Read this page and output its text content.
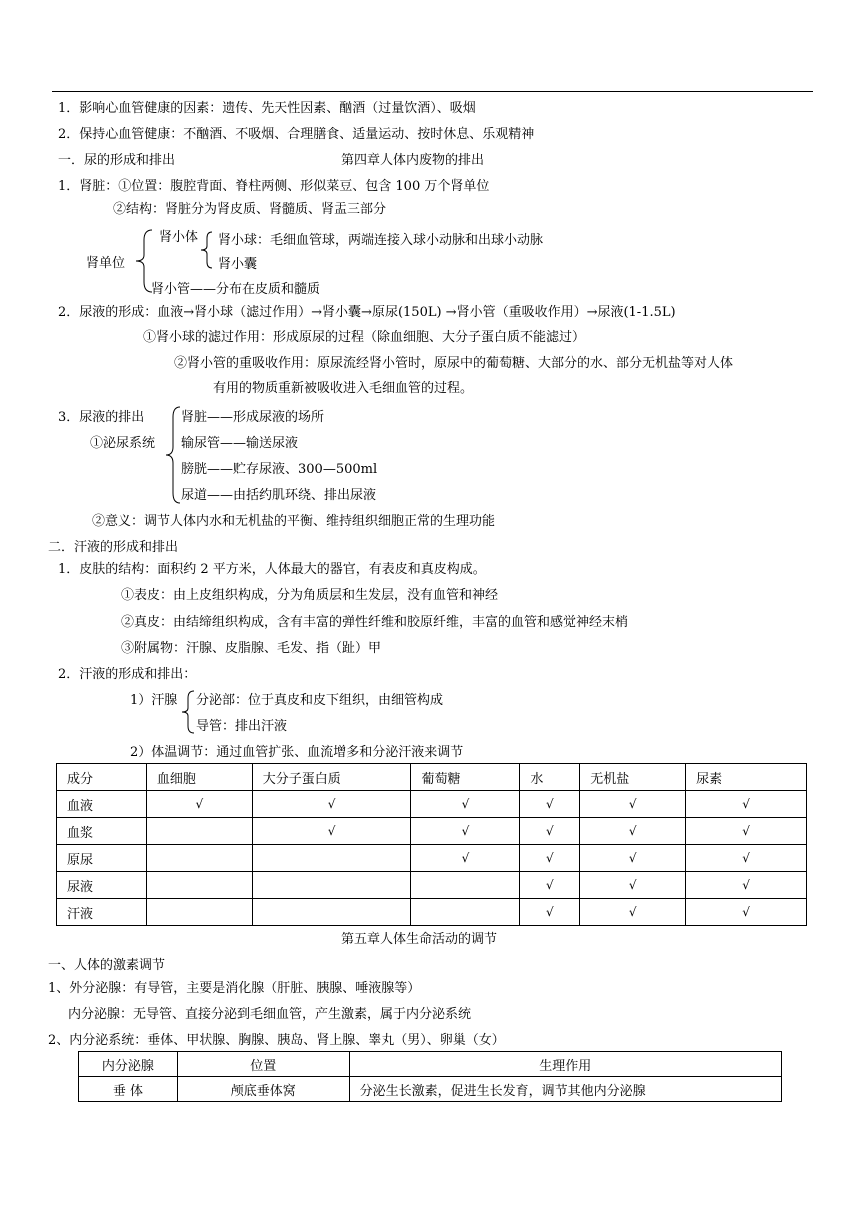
1．影响心血管健康的因素：遗传、先天性因素、酗酒（过量饮酒）、吸烟
2．保持心血管健康：不酗酒、不吸烟、合理膳食、适量运动、按时休息、乐观精神
一．尿的形成和排出	第四章人体内废物的排出
1．肾脏：①位置：腹腔背面、脊柱两侧、形似菜豆、包含 100 万个肾单位
②结构：肾脏分为肾皮质、肾髓质、肾盂三部分
肾单位
肾小体 肾小球：毛细血管球，两端连接入球小动脉和出球小动脉
肾小囊
肾小管——分布在皮质和髓质
2．尿液的形成：血液→肾小球（滤过作用）→肾小囊→原尿(150L) →肾小管（重吸收作用）→尿液(1-1.5L)
①肾小球的滤过作用：形成原尿的过程（除血细胞、大分子蛋白质不能滤过）
②肾小管的重吸收作用：原尿流经肾小管时，原尿中的葡萄糖、大部分的水、部分无机盐等对人体
有用的物质重新被吸收进入毛细血管的过程。
3．尿液的排出
①泌尿系统
肾脏——形成尿液的场所
输尿管——输送尿液
膀胱——贮存尿液、300—500ml
尿道——由括约肌环绕、排出尿液
②意义：调节人体内水和无机盐的平衡、维持组织细胞正常的生理功能
二．汗液的形成和排出
1．皮肤的结构：面积约 2 平方米，人体最大的器官，有表皮和真皮构成。
①表皮：由上皮组织构成，分为角质层和生发层，没有血管和神经
②真皮：由结缔组织构成，含有丰富的弹性纤维和胶原纤维，丰富的血管和感觉神经末梢
③附属物：汗腺、皮脂腺、毛发、指（趾）甲
2．汗液的形成和排出：
1）汗腺 分泌部：位于真皮和皮下组织，由细管构成
导管：排出汗液
2）体温调节：通过血管扩张、血流增多和分泌汗液来调节
成分	血细胞	大分子蛋白质	葡萄糖	水	无机盐	尿素
血液	√	√	√	√	√	√
血浆		√	√	√	√	√
原尿			√	√	√	√
尿液				√	√	√
汗液				√	√	√
第五章人体生命活动的调节
一、人体的激素调节
1、外分泌腺：有导管，主要是消化腺（肝脏、胰腺、唾液腺等）
内分泌腺：无导管、直接分泌到毛细血管，产生激素，属于内分泌系统
2、内分泌系统：垂体、甲状腺、胸腺、胰岛、肾上腺、睾丸（男）、卵巢（女）
内分泌腺	位置	生理作用
垂 体	颅底垂体窝	分泌生长激素，促进生长发育，调节其他内分泌腺
